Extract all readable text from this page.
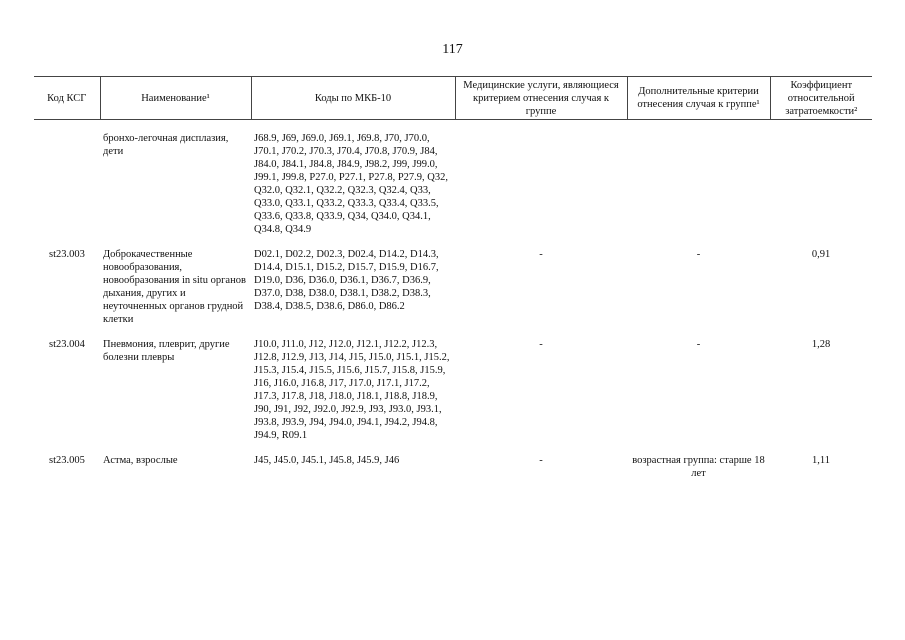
117
Код КСГ	Наименование¹	Коды по МКБ-10	Медицинские услуги, являющиеся критерием отнесения случая к группе	Дополнительные критерии отнесения случая к группе¹	Коэффициент относительной затратоемкости²

	бронхо-легочная дисплазия, дети	J68.9, J69, J69.0, J69.1, J69.8, J70, J70.0, J70.1, J70.2, J70.3, J70.4, J70.8, J70.9, J84, J84.0, J84.1, J84.8, J84.9, J98.2, J99, J99.0, J99.1, J99.8, P27.0, P27.1, P27.8, P27.9, Q32, Q32.0, Q32.1, Q32.2, Q32.3, Q32.4, Q33, Q33.0, Q33.1, Q33.2, Q33.3, Q33.4, Q33.5, Q33.6, Q33.8, Q33.9, Q34, Q34.0, Q34.1, Q34.8, Q34.9			

st23.003	Доброкачественные новообразования, новообразования in situ органов дыхания, других и неуточненных органов грудной клетки	D02.1, D02.2, D02.3, D02.4, D14.2, D14.3, D14.4, D15.1, D15.2, D15.7, D15.9, D16.7, D19.0, D36, D36.0, D36.1, D36.7, D36.9, D37.0, D38, D38.0, D38.1, D38.2, D38.3, D38.4, D38.5, D38.6, D86.0, D86.2	-	-	0,91

st23.004	Пневмония, плеврит, другие болезни плевры	J10.0, J11.0, J12, J12.0, J12.1, J12.2, J12.3, J12.8, J12.9, J13, J14, J15, J15.0, J15.1, J15.2, J15.3, J15.4, J15.5, J15.6, J15.7, J15.8, J15.9, J16, J16.0, J16.8, J17, J17.0, J17.1, J17.2, J17.3, J17.8, J18, J18.0, J18.1, J18.8, J18.9, J90, J91, J92, J92.0, J92.9, J93, J93.0, J93.1, J93.8, J93.9, J94, J94.0, J94.1, J94.2, J94.8, J94.9, R09.1	-	-	1,28

st23.005	Астма, взрослые	J45, J45.0, J45.1, J45.8, J45.9, J46	-	возрастная группа: старше 18 лет	1,11
